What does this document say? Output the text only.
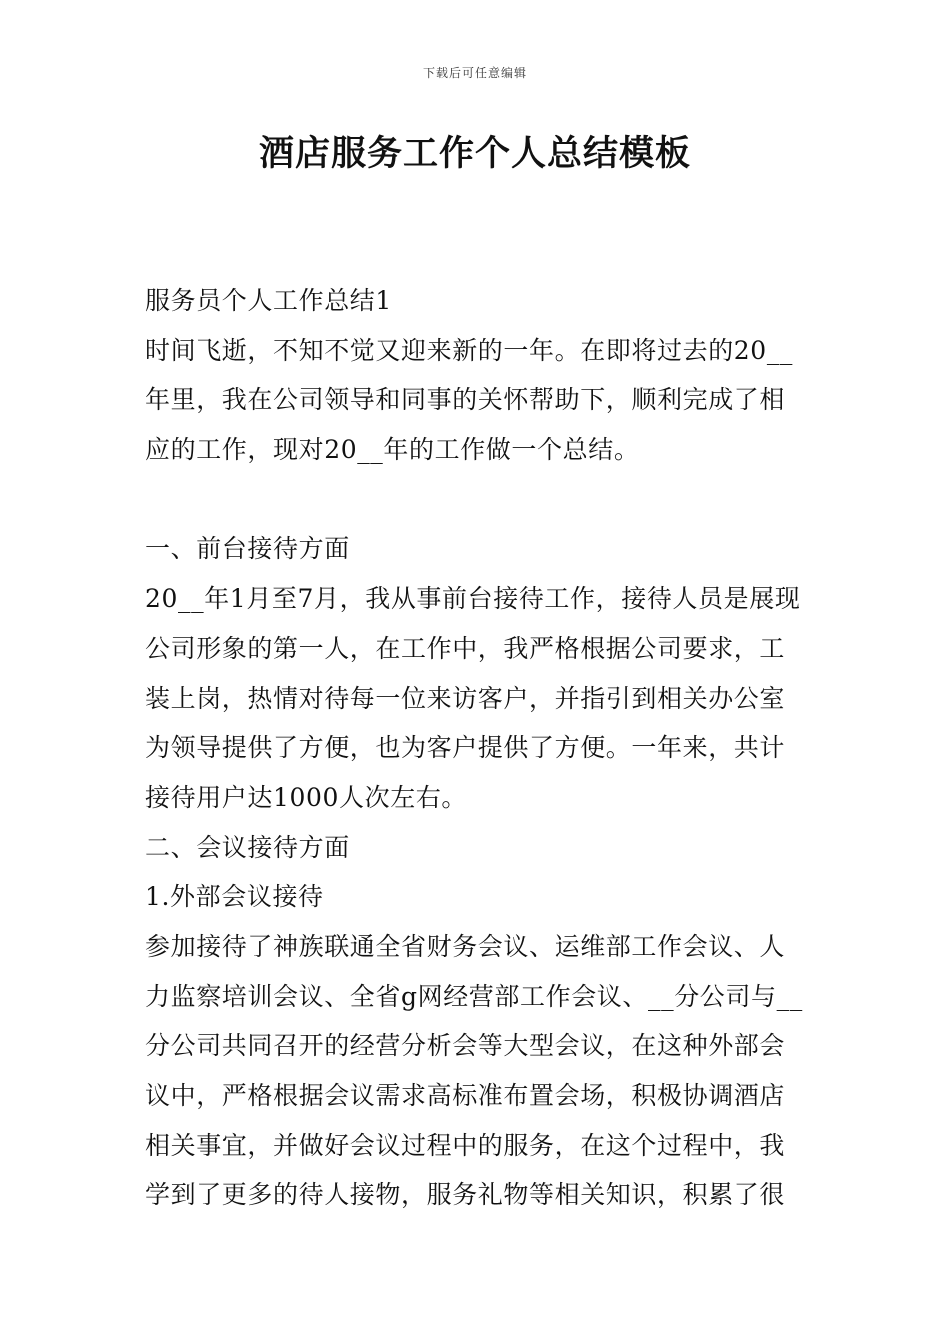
下载后可任意编辑
酒店服务工作个人总结模板
服务员个人工作总结1
时间飞逝，不知不觉又迎来新的一年。在即将过去的20__
年里，我在公司领导和同事的关怀帮助下，顺利完成了相
应的工作，现对20__年的工作做一个总结。
一、前台接待方面
20__年1月至7月，我从事前台接待工作，接待人员是展现
公司形象的第一人，在工作中，我严格根据公司要求，工
装上岗，热情对待每一位来访客户，并指引到相关办公室
为领导提供了方便，也为客户提供了方便。一年来，共计
接待用户达1000人次左右。
二、会议接待方面
1.外部会议接待
参加接待了神族联通全省财务会议、运维部工作会议、人
力监察培训会议、全省g网经营部工作会议、__分公司与__
分公司共同召开的经营分析会等大型会议，在这种外部会
议中，严格根据会议需求高标准布置会场，积极协调酒店
相关事宜，并做好会议过程中的服务，在这个过程中，我
学到了更多的待人接物，服务礼物等相关知识，积累了很
